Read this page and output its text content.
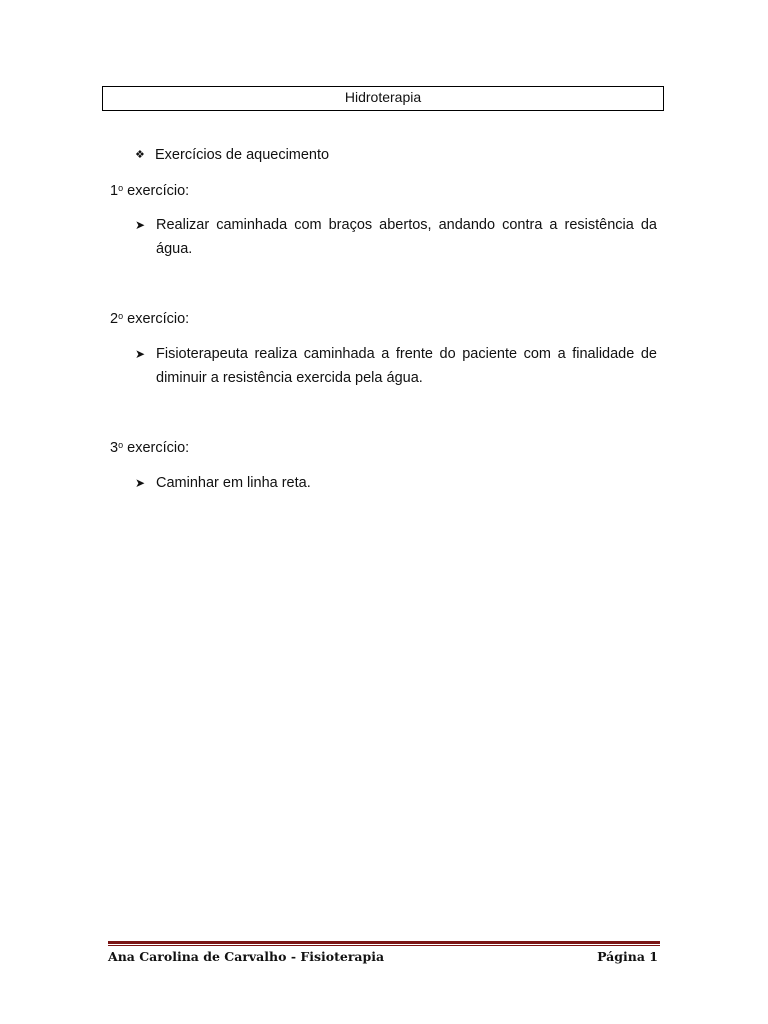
Hidroterapia
❖ Exercícios de aquecimento
1$^o$ exercício:
➤ Realizar caminhada com braços abertos, andando contra a resistência da água.
2$^o$ exercício:
➤ Fisioterapeuta realiza caminhada a frente do paciente com a finalidade de diminuir a resistência exercida pela água.
3$^o$ exercício:
➤ Caminhar em linha reta.
Ana Carolina de Carvalho - Fisioterapia	Página 1
